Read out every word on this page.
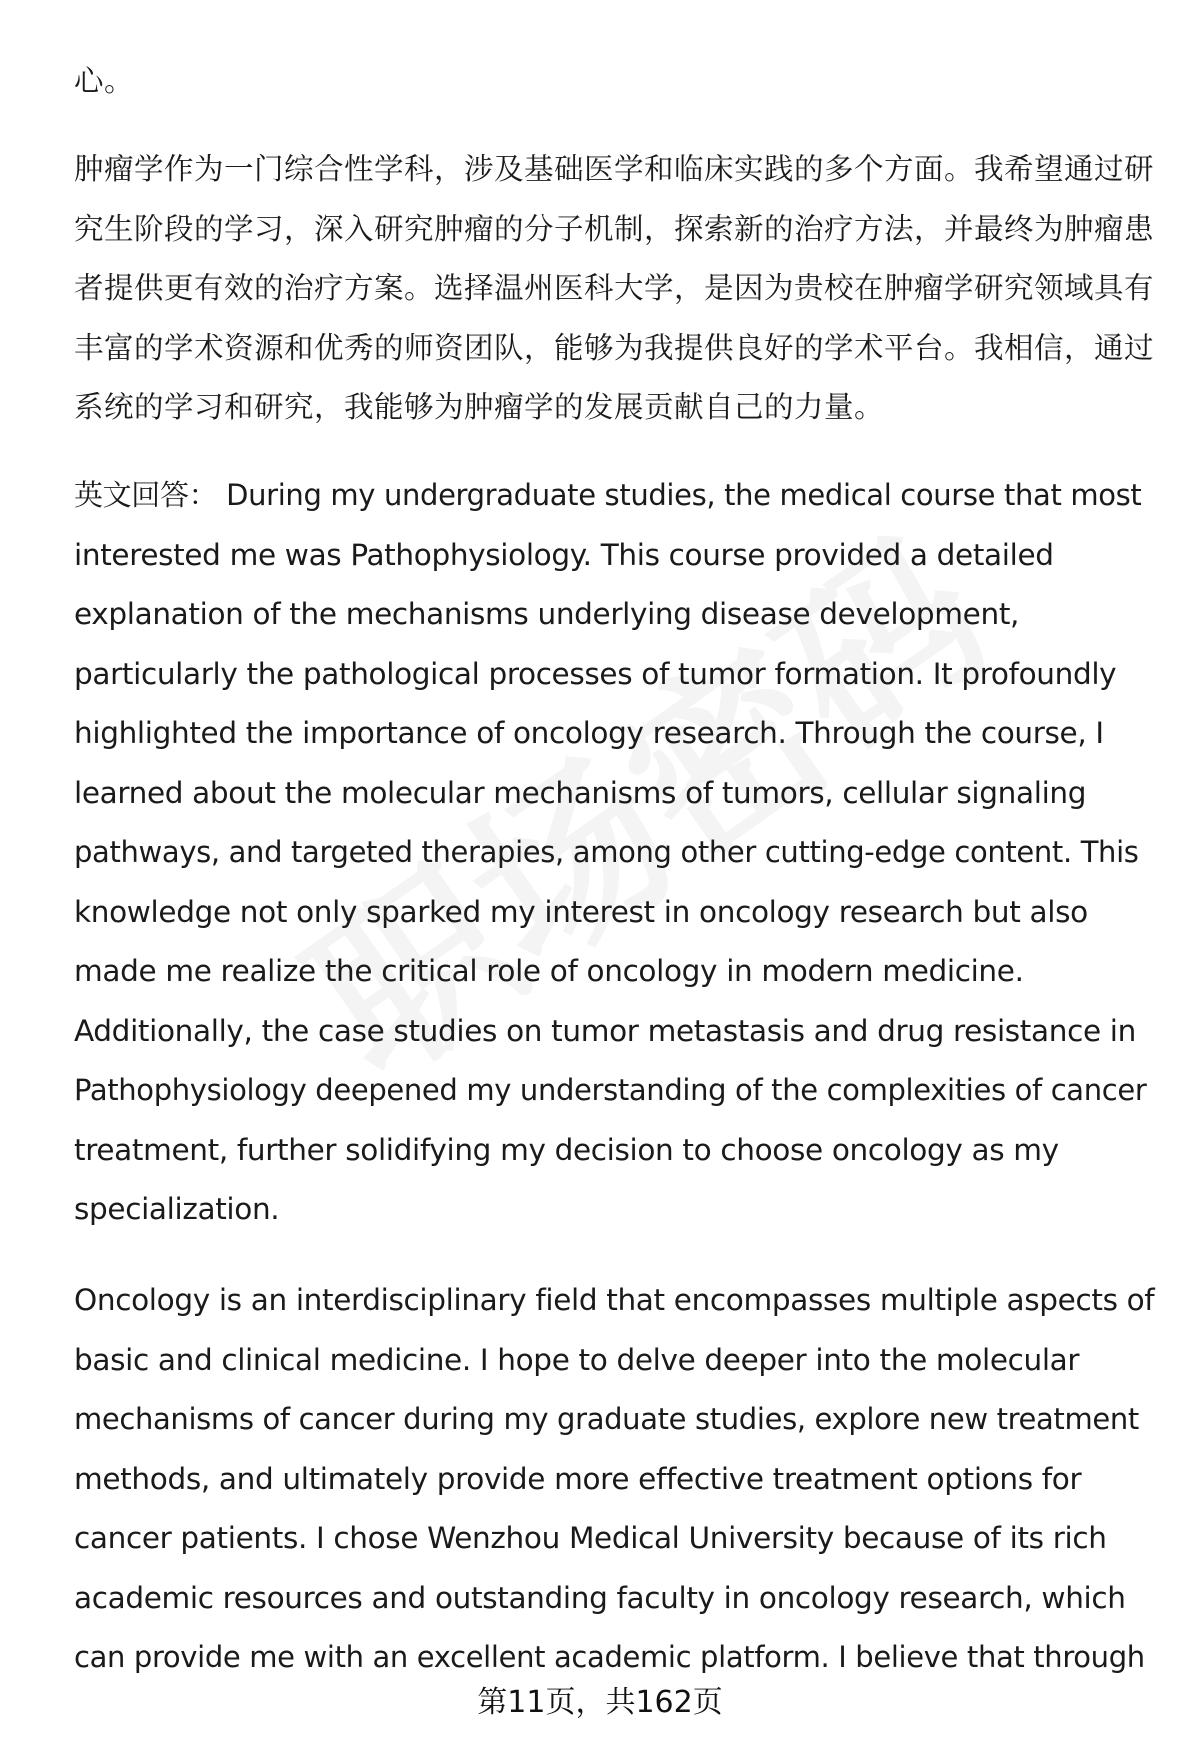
心。

肿瘤学作为一门综合性学科，涉及基础医学和临床实践的多个方面。我希望通过研
究生阶段的学习，深入研究肿瘤的分子机制，探索新的治疗方法，并最终为肿瘤患
者提供更有效的治疗方案。选择温州医科大学，是因为贵校在肿瘤学研究领域具有
丰富的学术资源和优秀的师资团队，能够为我提供良好的学术平台。我相信，通过
系统的学习和研究，我能够为肿瘤学的发展贡献自己的力量。

英文回答： During my undergraduate studies, the medical course that most
interested me was Pathophysiology. This course provided a detailed
explanation of the mechanisms underlying disease development,
particularly the pathological processes of tumor formation. It profoundly
highlighted the importance of oncology research. Through the course, I
learned about the molecular mechanisms of tumors, cellular signaling
pathways, and targeted therapies, among other cutting-edge content. This
knowledge not only sparked my interest in oncology research but also
made me realize the critical role of oncology in modern medicine.
Additionally, the case studies on tumor metastasis and drug resistance in
Pathophysiology deepened my understanding of the complexities of cancer
treatment, further solidifying my decision to choose oncology as my
specialization.

Oncology is an interdisciplinary field that encompasses multiple aspects of
basic and clinical medicine. I hope to delve deeper into the molecular
mechanisms of cancer during my graduate studies, explore new treatment
methods, and ultimately provide more effective treatment options for
cancer patients. I chose Wenzhou Medical University because of its rich
academic resources and outstanding faculty in oncology research, which
can provide me with an excellent academic platform. I believe that through

第11页，共162页
